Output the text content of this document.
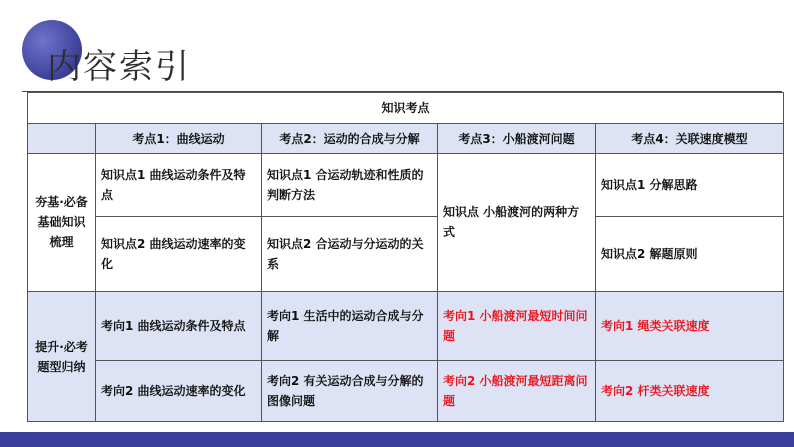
内容索引
知识考点				
	考点1：曲线运动	考点2：运动的合成与分解	考点3：小船渡河问题	考点4：关联速度模型
夯基·必备基础知识梳理	知识点1 曲线运动条件及特点	知识点1 合运动轨迹和性质的判断方法	知识点 小船渡河的两种方式	知识点1 分解思路
	知识点2 曲线运动速率的变化	知识点2 合运动与分运动的关系		知识点2 解题原则
提升·必考题型归纳	考向1 曲线运动条件及特点	考向1 生活中的运动合成与分解	考向1 小船渡河最短时间问题	考向1 绳类关联速度
	考向2 曲线运动速率的变化	考向2 有关运动合成与分解的图像问题	考向2 小船渡河最短距离问题	考向2 杆类关联速度
